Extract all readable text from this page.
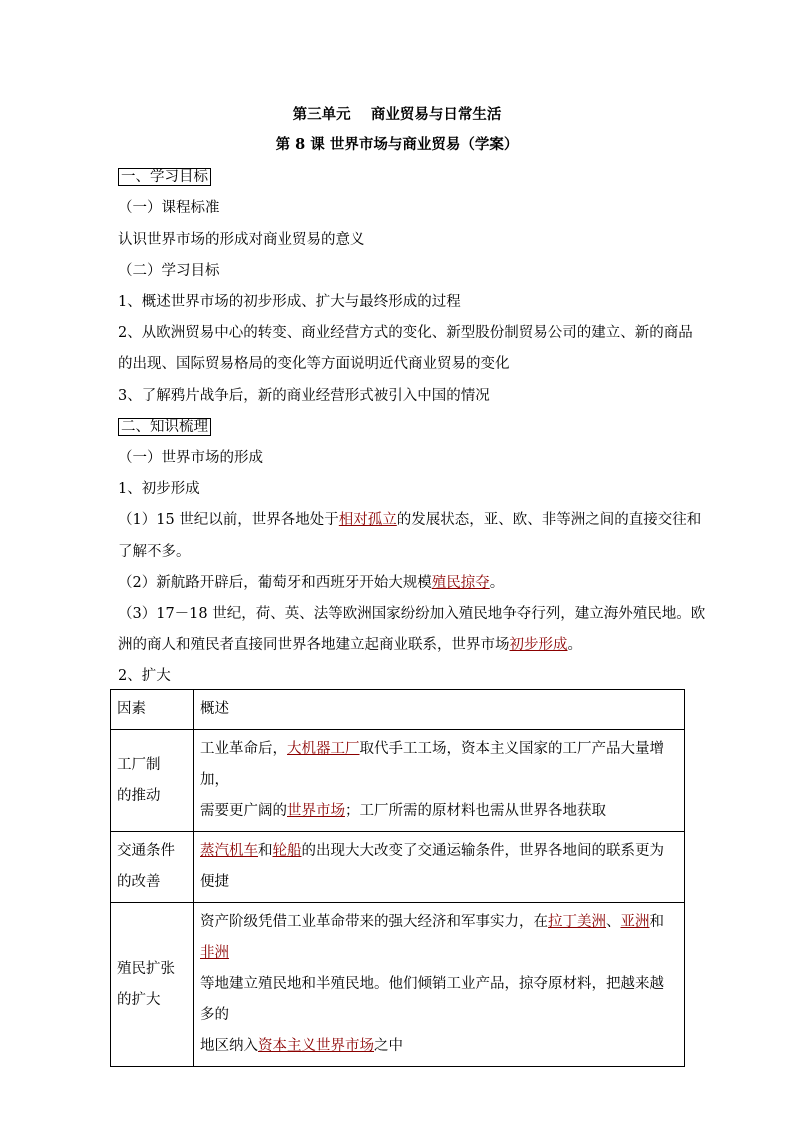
第三单元    商业贸易与日常生活
第 8 课 世界市场与商业贸易（学案）
一、学习目标
（一）课程标准
认识世界市场的形成对商业贸易的意义
（二）学习目标
1、概述世界市场的初步形成、扩大与最终形成的过程
2、从欧洲贸易中心的转变、商业经营方式的变化、新型股份制贸易公司的建立、新的商品
的出现、国际贸易格局的变化等方面说明近代商业贸易的变化
3、了解鸦片战争后，新的商业经营形式被引入中国的情况
二、知识梳理
（一）世界市场的形成
1、初步形成
（1）15 世纪以前，世界各地处于相对孤立的发展状态，亚、欧、非等洲之间的直接交往和
了解不多。
（2）新航路开辟后，葡萄牙和西班牙开始大规模殖民掠夺。
（3）17－18 世纪，荷、英、法等欧洲国家纷纷加入殖民地争夺行列，建立海外殖民地。欧
洲的商人和殖民者直接同世界各地建立起商业联系，世界市场初步形成。
2、扩大
因素	概述
工厂制
的推动	工业革命后，大机器工厂取代手工工场，资本主义国家的工厂产品大量增加，
需要更广阔的世界市场；工厂所需的原材料也需从世界各地获取
交通条件
的改善	蒸汽机车和轮船的出现大大改变了交通运输条件，世界各地间的联系更为便捷
殖民扩张
的扩大	资产阶级凭借工业革命带来的强大经济和军事实力，在拉丁美洲、亚洲和非洲
等地建立殖民地和半殖民地。他们倾销工业产品，掠夺原材料，把越来越多的
地区纳入资本主义世界市场之中
